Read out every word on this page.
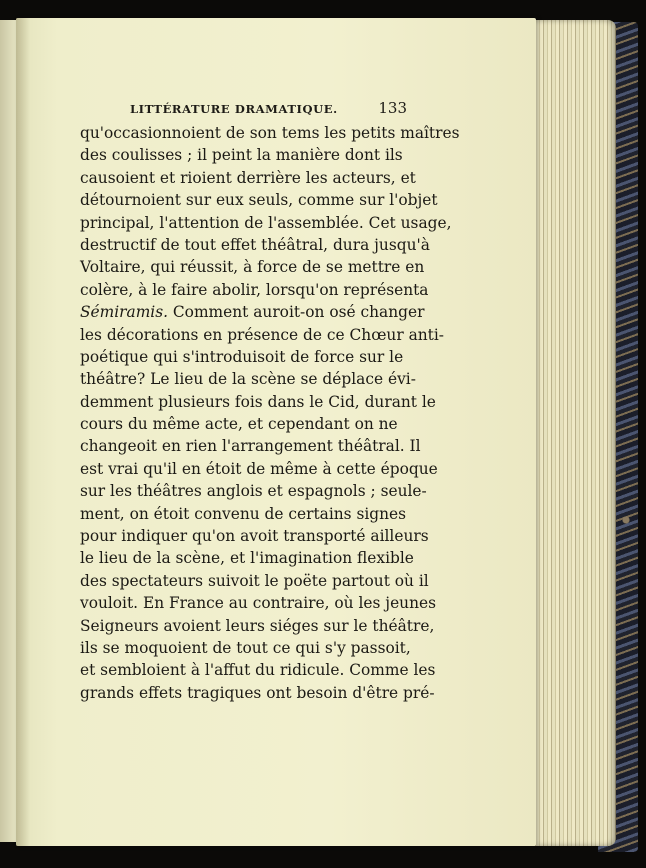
LITTÉRATURE DRAMATIQUE.	133
qu'occasionnoient de son tems les petits maîtres
des coulisses ; il peint la manière dont ils
causoient et rioient derrière les acteurs, et
détournoient sur eux seuls, comme sur l'objet
principal, l'attention de l'assemblée. Cet usage,
destructif de tout effet théâtral, dura jusqu'à
Voltaire, qui réussit, à force de se mettre en
colère, à le faire abolir, lorsqu'on représenta
Sémiramis. Comment auroit-on osé changer
les décorations en présence de ce Chœur anti-
poétique qui s'introduisoit de force sur le
théâtre? Le lieu de la scène se déplace évi-
demment plusieurs fois dans le Cid, durant le
cours du même acte, et cependant on ne
changeoit en rien l'arrangement théâtral. Il
est vrai qu'il en étoit de même à cette époque
sur les théâtres anglois et espagnols ; seule-
ment, on étoit convenu de certains signes
pour indiquer qu'on avoit transporté ailleurs
le lieu de la scène, et l'imagination flexible
des spectateurs suivoit le poëte partout où il
vouloit. En France au contraire, où les jeunes
Seigneurs avoient leurs siéges sur le théâtre,
ils se moquoient de tout ce qui s'y passoit,
et sembloient à l'affut du ridicule. Comme les
grands effets tragiques ont besoin d'être pré-
